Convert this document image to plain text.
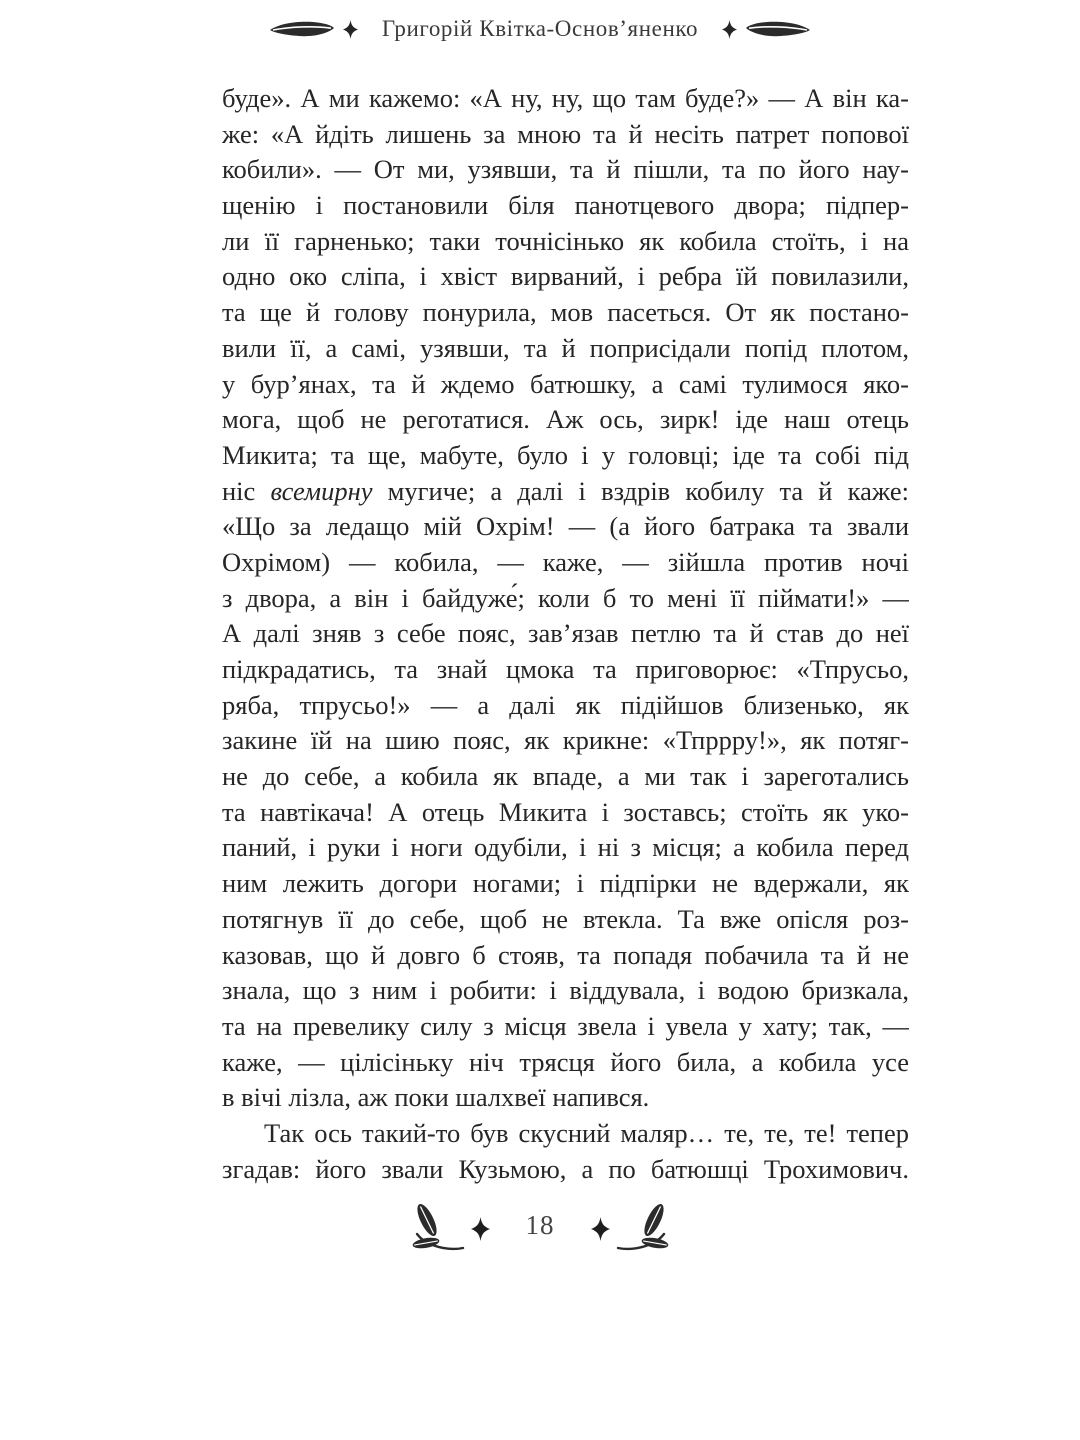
Григорій Квітка-Основ’яненко
буде». А ми кажемо: «А ну, ну, що там буде?» — А він ка-
же: «А йдіть лишень за мною та й несіть патрет попової
кобили». — От ми, узявши, та й пішли, та по його нау-
щенію і постановили біля панотцевого двора; підпер-
ли її гарненько; таки точнісінько як кобила стоїть, і на
одно око сліпа, і хвіст вирваний, і ребра їй повилазили,
та ще й голову понурила, мов пасеться. От як постано-
вили її, а самі, узявши, та й поприсідали попід плотом,
у бур’янах, та й ждемо батюшку, а самі тулимося яко-
мога, щоб не реготатися. Аж ось, зирк! іде наш отець
Микита; та ще, мабуте, було і у головці; іде та собі під
ніс всемирну мугиче; а далі і вздрів кобилу та й каже:
«Що за ледащо мій Охрім! — (а його батрака та звали
Охрімом) — кобила, — каже, — зійшла против ночі
з двора, а він і байдуже́; коли б то мені її піймати!» —
А далі зняв з себе пояс, зав’язав петлю та й став до неї
підкрадатись, та знай цмока та приговорює: «Тпрусьо,
ряба, тпрусьо!» — а далі як підійшов близенько, як
закине їй на шию пояс, як крикне: «Тпррру!», як потяг-
не до себе, а кобила як впаде, а ми так і зареготались
та навтікача! А отець Микита і зоставсь; стоїть як уко-
паний, і руки і ноги одубіли, і ні з місця; а кобила перед
ним лежить догори ногами; і підпірки не вдержали, як
потягнув її до себе, щоб не втекла. Та вже опісля роз-
казовав, що й довго б стояв, та попадя побачила та й не
знала, що з ним і робити: і віддувала, і водою бризкала,
та на превелику силу з місця звела і увела у хату; так, —
каже, — цілісіньку ніч трясця його била, а кобила усе
в вічі лізла, аж поки шалхвеї напився.
Так ось такий-то був скусний маляр… те, те, те! тепер
згадав: його звали Кузьмою, а по батюшці Трохимович.
18
